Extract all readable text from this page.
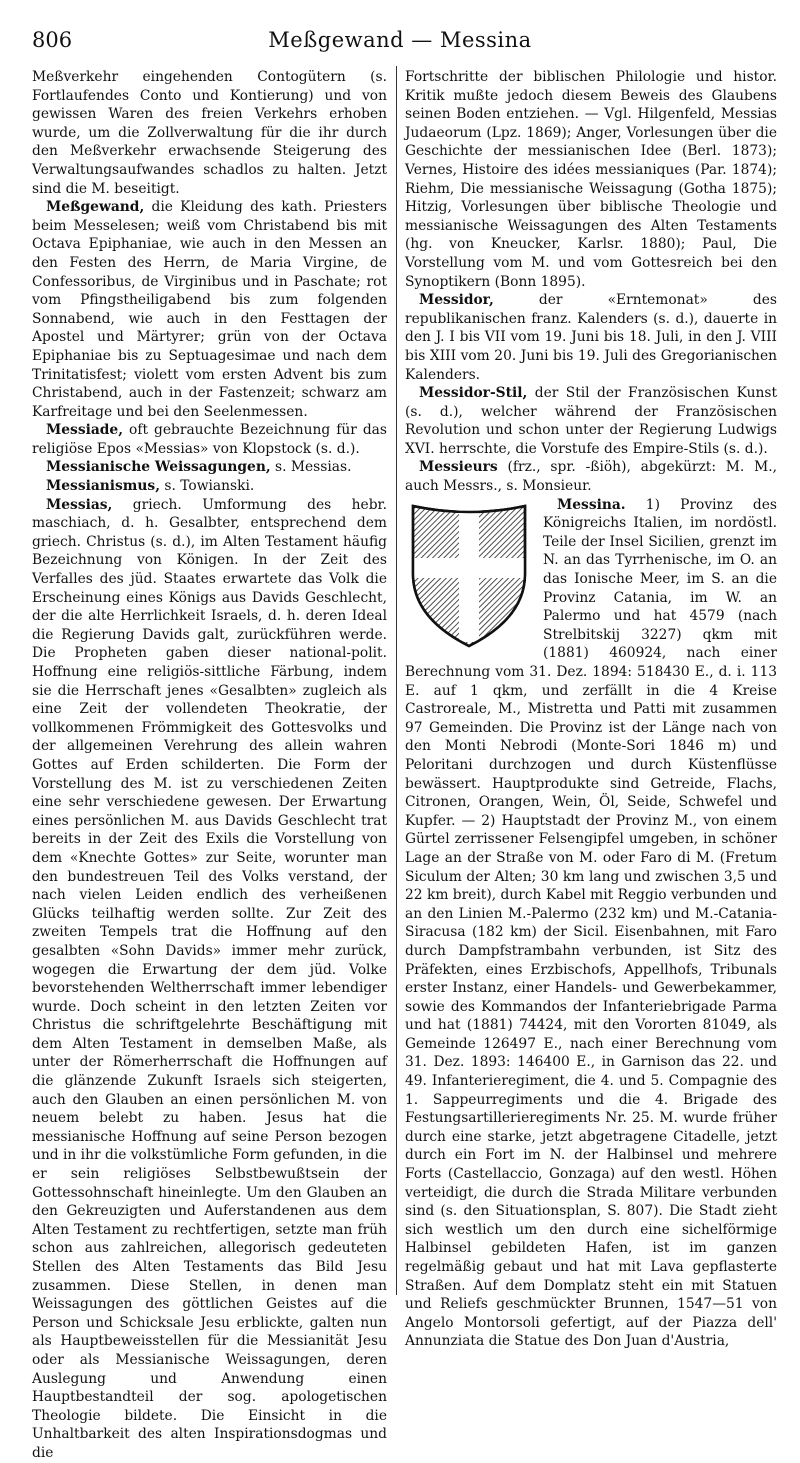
806	Meßgewand — Messina

Meßverkehr eingehenden Contogütern (s. Fortlaufendes Conto und Kontierung) und von gewissen Waren des freien Verkehrs erhoben wurde, um die Zollverwaltung für die ihr durch den Meßverkehr erwachsende Steigerung des Verwaltungsaufwandes schadlos zu halten. Jetzt sind die M. beseitigt.

Meßgewand, die Kleidung des kath. Priesters beim Messelesen; weiß vom Christabend bis mit Octava Epiphaniae, wie auch in den Messen an den Festen des Herrn, de Maria Virgine, de Confessoribus, de Virginibus und in Paschate; rot vom Pfingstheiligabend bis zum folgenden Sonnabend, wie auch in den Festtagen der Apostel und Märtyrer; grün von der Octava Epiphaniae bis zu Septuagesimae und nach dem Trinitatisfest; violett vom ersten Advent bis zum Christabend, auch in der Fastenzeit; schwarz am Karfreitage und bei den Seelenmessen.

Messiade, oft gebrauchte Bezeichnung für das religiöse Epos «Messias» von Klopstock (s. d.).

Messianische Weissagungen, s. Messias.

Messianismus, s. Towianski.

Messias, griech. Umformung des hebr. maschiach, d. h. Gesalbter, entsprechend dem griech. Christus (s. d.), im Alten Testament häufig Bezeichnung von Königen. In der Zeit des Verfalles des jüd. Staates erwartete das Volk die Erscheinung eines Königs aus Davids Geschlecht, der die alte Herrlichkeit Israels, d. h. deren Ideal die Regierung Davids galt, zurückführen werde. Die Propheten gaben dieser national-polit. Hoffnung eine religiös-sittliche Färbung, indem sie die Herrschaft jenes «Gesalbten» zugleich als eine Zeit der vollendeten Theokratie, der vollkommenen Frömmigkeit des Gottesvolks und der allgemeinen Verehrung des allein wahren Gottes auf Erden schilderten. Die Form der Vorstellung des M. ist zu verschiedenen Zeiten eine sehr verschiedene gewesen. Der Erwartung eines persönlichen M. aus Davids Geschlecht trat bereits in der Zeit des Exils die Vorstellung von dem «Knechte Gottes» zur Seite, worunter man den bundestreuen Teil des Volks verstand, der nach vielen Leiden endlich des verheißenen Glücks teilhaftig werden sollte. Zur Zeit des zweiten Tempels trat die Hoffnung auf den gesalbten «Sohn Davids» immer mehr zurück, wogegen die Erwartung der dem jüd. Volke bevorstehenden Weltherrschaft immer lebendiger wurde. Doch scheint in den letzten Zeiten vor Christus die schriftgelehrte Beschäftigung mit dem Alten Testament in demselben Maße, als unter der Römerherrschaft die Hoffnungen auf die glänzende Zukunft Israels sich steigerten, auch den Glauben an einen persönlichen M. von neuem belebt zu haben. Jesus hat die messianische Hoffnung auf seine Person bezogen und in ihr die volkstümliche Form gefunden, in die er sein religiöses Selbstbewußtsein der Gottessohnschaft hineinlegte. Um den Glauben an den Gekreuzigten und Auferstandenen aus dem Alten Testament zu rechtfertigen, setzte man früh schon aus zahlreichen, allegorisch gedeuteten Stellen des Alten Testaments das Bild Jesu zusammen. Diese Stellen, in denen man Weissagungen des göttlichen Geistes auf die Person und Schicksale Jesu erblickte, galten nun als Hauptbeweisstellen für die Messianität Jesu oder als Messianische Weissagungen, deren Auslegung und Anwendung einen Hauptbestandteil der sog. apologetischen Theologie bildete. Die Einsicht in die Unhaltbarkeit des alten Inspirationsdogmas und die

Fortschritte der biblischen Philologie und histor. Kritik mußte jedoch diesem Beweis des Glaubens seinen Boden entziehen. — Vgl. Hilgenfeld, Messias Judaeorum (Lpz. 1869); Anger, Vorlesungen über die Geschichte der messianischen Idee (Berl. 1873); Vernes, Histoire des idées messianiques (Par. 1874); Riehm, Die messianische Weissagung (Gotha 1875); Hitzig, Vorlesungen über biblische Theologie und messianische Weissagungen des Alten Testaments (hg. von Kneucker, Karlsr. 1880); Paul, Die Vorstellung vom M. und vom Gottesreich bei den Synoptikern (Bonn 1895).

Messidor, der «Erntemonat» des republikanischen franz. Kalenders (s. d.), dauerte in den J. I bis VII vom 19. Juni bis 18. Juli, in den J. VIII bis XIII vom 20. Juni bis 19. Juli des Gregorianischen Kalenders.

Messidor-Stil, der Stil der Französischen Kunst (s. d.), welcher während der Französischen Revolution und schon unter der Regierung Ludwigs XVI. herrschte, die Vorstufe des Empire-Stils (s. d.).

Messieurs (frz., spr. -ßiöh), abgekürzt: M. M., auch Messrs., s. Monsieur.

Messina.
1) Provinz des Königreichs Italien, im nordöstl. Teile der Insel Sicilien, grenzt im N. an das Tyrrhenische, im O. an das Ionische Meer, im S. an die Provinz Catania, im W. an Palermo und hat 4579 (nach Strelbitskij 3227) qkm mit (1881) 460924, nach einer Berechnung vom 31. Dez. 1894: 518430 E., d. i. 113 E. auf 1 qkm, und zerfällt in die 4 Kreise Castroreale, M., Mistretta und Patti mit zusammen 97 Gemeinden. Die Provinz ist der Länge nach von den Monti Nebrodi (Monte-Sori 1846 m) und Peloritani durchzogen und durch Küstenflüsse bewässert. Hauptprodukte sind Getreide, Flachs, Citronen, Orangen, Wein, Öl, Seide, Schwefel und Kupfer. — 2) Hauptstadt der Provinz M., von einem Gürtel zerrissener Felsengipfel umgeben, in schöner Lage an der Straße von M. oder Faro di M. (Fretum Siculum der Alten; 30 km lang und zwischen 3,5 und 22 km breit), durch Kabel mit Reggio verbunden und an den Linien M.-Palermo (232 km) und M.-Catania-Siracusa (182 km) der Sicil. Eisenbahnen, mit Faro durch Dampfstrambahn verbunden, ist Sitz des Präfekten, eines Erzbischofs, Appellhofs, Tribunals erster Instanz, einer Handels- und Gewerbekammer, sowie des Kommandos der Infanteriebrigade Parma und hat (1881) 74424, mit den Vororten 81049, als Gemeinde 126497 E., nach einer Berechnung vom 31. Dez. 1893: 146400 E., in Garnison das 22. und 49. Infanterieregiment, die 4. und 5. Compagnie des 1. Sappeurregiments und die 4. Brigade des Festungsartillerieregiments Nr. 25. M. wurde früher durch eine starke, jetzt abgetragene Citadelle, jetzt durch ein Fort im N. der Halbinsel und mehrere Forts (Castellaccio, Gonzaga) auf den westl. Höhen verteidigt, die durch die Strada Militare verbunden sind (s. den Situationsplan, S. 807). Die Stadt zieht sich westlich um den durch eine sichelförmige Halbinsel gebildeten Hafen, ist im ganzen regelmäßig gebaut und hat mit Lava gepflasterte Straßen. Auf dem Domplatz steht ein mit Statuen und Reliefs geschmückter Brunnen, 1547—51 von Angelo Montorsoli gefertigt, auf der Piazza dell' Annunziata die Statue des Don Juan d'Austria,
